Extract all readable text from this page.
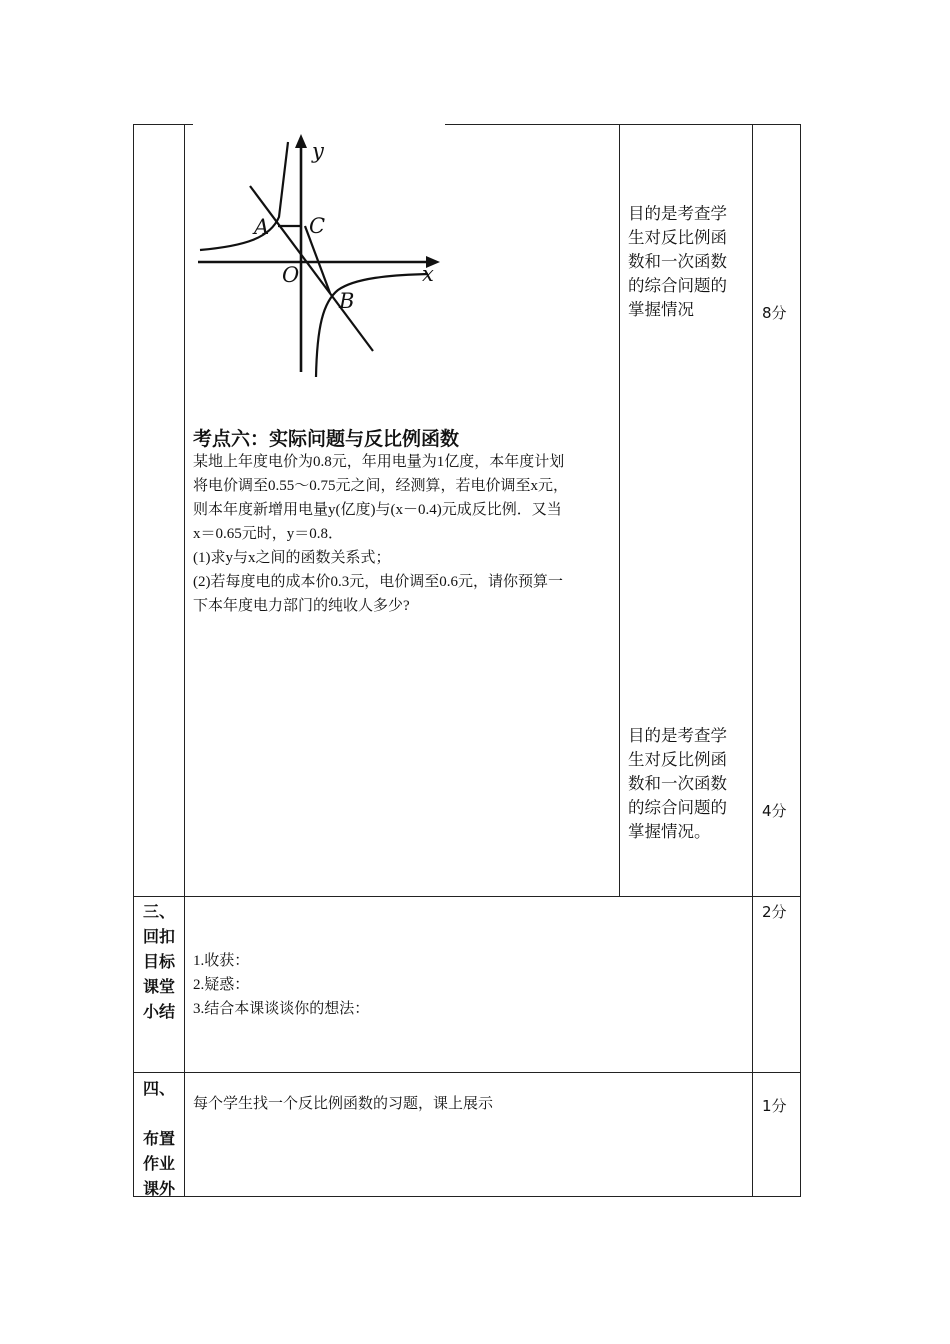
y
x
O
A
B
C
考点六：实际问题与反比例函数
某地上年度电价为0.8元，年用电量为1亿度，本年度计划
将电价调至0.55～0.75元之间，经测算，若电价调至x元，
则本年度新增用电量y(亿度)与(x－0.4)元成反比例．又当
x＝0.65元时，y＝0.8．
(1)求y与x之间的函数关系式；
(2)若每度电的成本价0.3元，电价调至0.6元，请你预算一
下本年度电力部门的纯收人多少?
目的是考查学
生对反比例函
数和一次函数
的综合问题的
掌握情况
目的是考查学
生对反比例函
数和一次函数
的综合问题的
掌握情况。
8分
4分
三、
回扣
目标
课堂
小结
1.收获：
2.疑惑：
3.结合本课谈谈你的想法：
2分
四、
布置
作业
课外
每个学生找一个反比例函数的习题，课上展示	1分
